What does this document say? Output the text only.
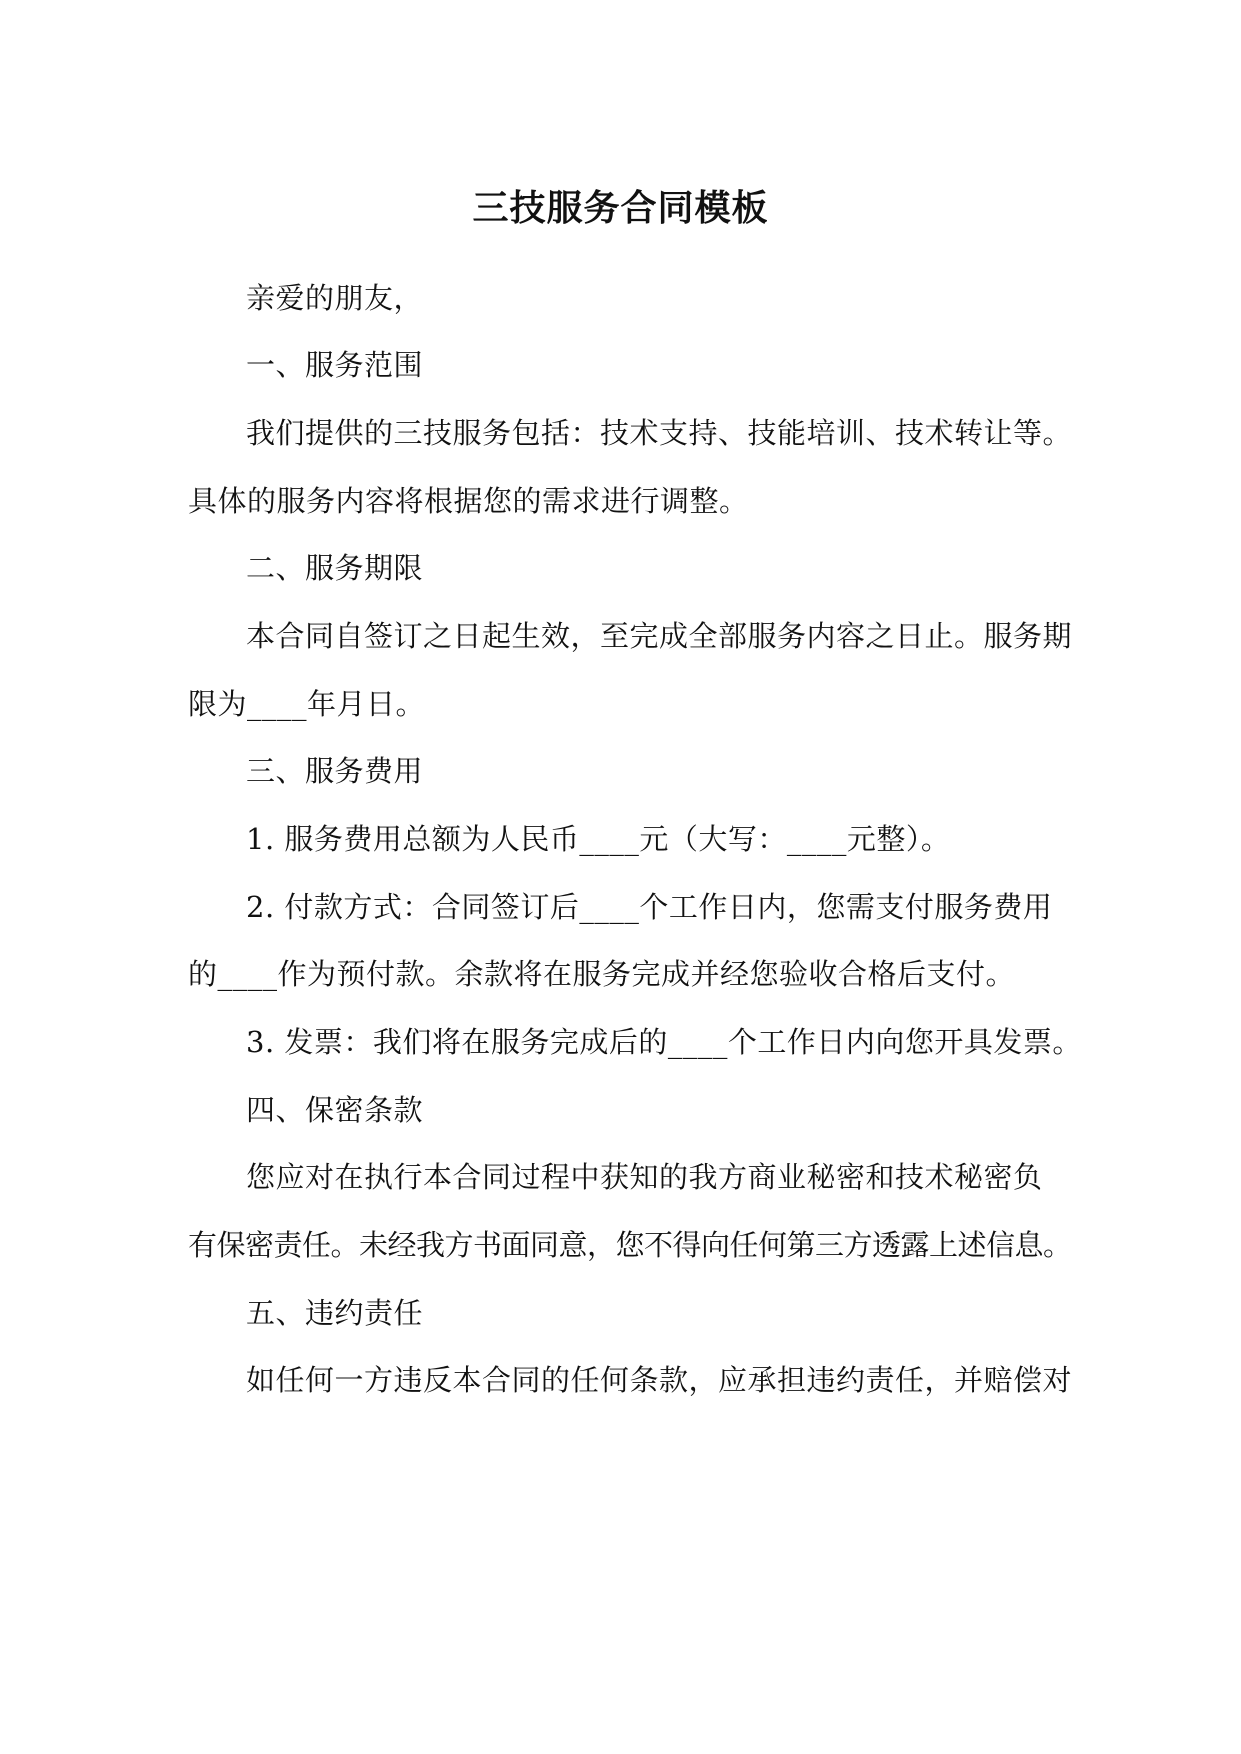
三技服务合同模板

亲爱的朋友，

一、服务范围

我们提供的三技服务包括：技术支持、技能培训、技术转让等。

具体的服务内容将根据您的需求进行调整。

二、服务期限

本合同自签订之日起生效，至完成全部服务内容之日止。服务期

限为____年月日。

三、服务费用

1. 服务费用总额为人民币____元（大写：____元整）。

2. 付款方式：合同签订后____个工作日内，您需支付服务费用

的____作为预付款。余款将在服务完成并经您验收合格后支付。

3. 发票：我们将在服务完成后的____个工作日内向您开具发票。

四、保密条款

您应对在执行本合同过程中获知的我方商业秘密和技术秘密负

有保密责任。未经我方书面同意，您不得向任何第三方透露上述信息。

五、违约责任

如任何一方违反本合同的任何条款，应承担违约责任，并赔偿对
